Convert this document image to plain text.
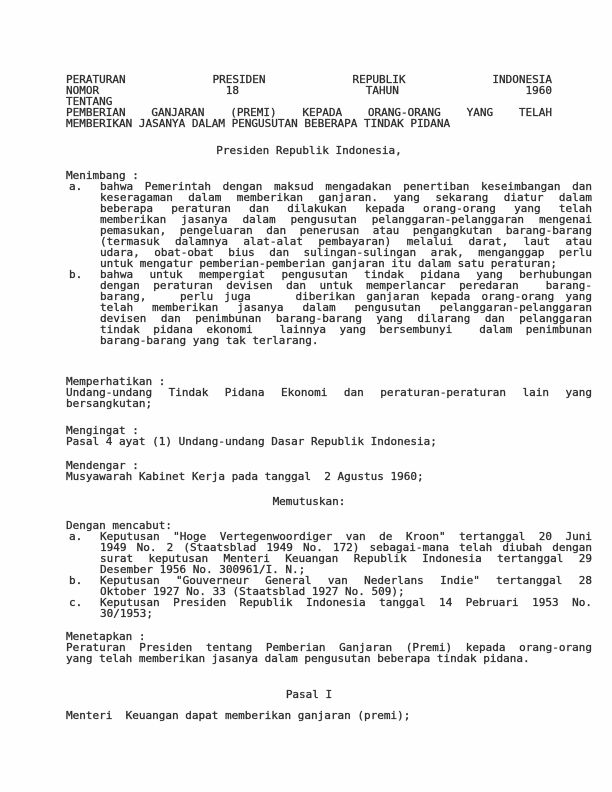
PERATURAN PRESIDEN REPUBLIK INDONESIA
NOMOR 18 TAHUN 1960
TENTANG
PEMBERIAN GANJARAN (PREMI) KEPADA ORANG-ORANG YANG TELAH
MEMBERIKAN JASANYA DALAM PENGUSUTAN BEBERAPA TINDAK PIDANA
Presiden Republik Indonesia,
Menimbang :
a. bahwa Pemerintah dengan maksud mengadakan penertiban keseimbangan dan
keseragaman dalam memberikan ganjaran. yang sekarang diatur dalam
beberapa peraturan dan dilakukan kepada orang-orang yang telah
memberikan jasanya dalam pengusutan pelanggaran-pelanggaran mengenai
pemasukan, pengeluaran dan penerusan atau pengangkutan barang-barang
(termasuk dalamnya alat-alat pembayaran) melalui darat, laut atau
udara, obat-obat bius dan sulingan-sulingan arak, menganggap perlu
untuk mengatur pemberian-pemberian ganjaran itu dalam satu peraturan;
b. bahwa untuk mempergiat pengusutan tindak pidana yang berhubungan
dengan peraturan devisen dan untuk memperlancar peredaran  barang-
barang,   perlu juga    diberikan ganjaran kepada orang-orang yang
telah memberikan jasanya dalam pengusutan pelanggaran-pelanggaran
devisen dan penimbunan barang-barang yang dilarang dan pelanggaran
tindak pidana ekonomi  lainnya yang bersembunyi  dalam penimbunan
barang-barang yang tak terlarang.
Memperhatikan :
Undang-undang Tindak Pidana Ekonomi dan peraturan-peraturan lain yang
bersangkutan;
Mengingat :
Pasal 4 ayat (1) Undang-undang Dasar Republik Indonesia;
Mendengar :
Musyawarah Kabinet Kerja pada tanggal  2 Agustus 1960;
Memutuskan:
Dengan mencabut:
a. Keputusan "Hoge Vertegenwoordiger van de Kroon" tertanggal 20 Juni
1949 No. 2 (Staatsblad 1949 No. 172) sebagai-mana telah diubah dengan
surat keputusan Menteri Keuangan Republik Indonesia tertanggal 29
Desember 1956 No. 300961/I. N.;
b. Keputusan "Gouverneur General van Nederlans Indie" tertanggal 28
Oktober 1927 No. 33 (Staatsblad 1927 No. 509);
c. Keputusan Presiden Republik Indonesia tanggal 14 Pebruari 1953 No.
30/1953;
Menetapkan :
Peraturan Presiden tentang Pemberian Ganjaran (Premi) kepada orang-orang
yang telah memberikan jasanya dalam pengusutan beberapa tindak pidana.
Pasal I
Menteri  Keuangan dapat memberikan ganjaran (premi);
